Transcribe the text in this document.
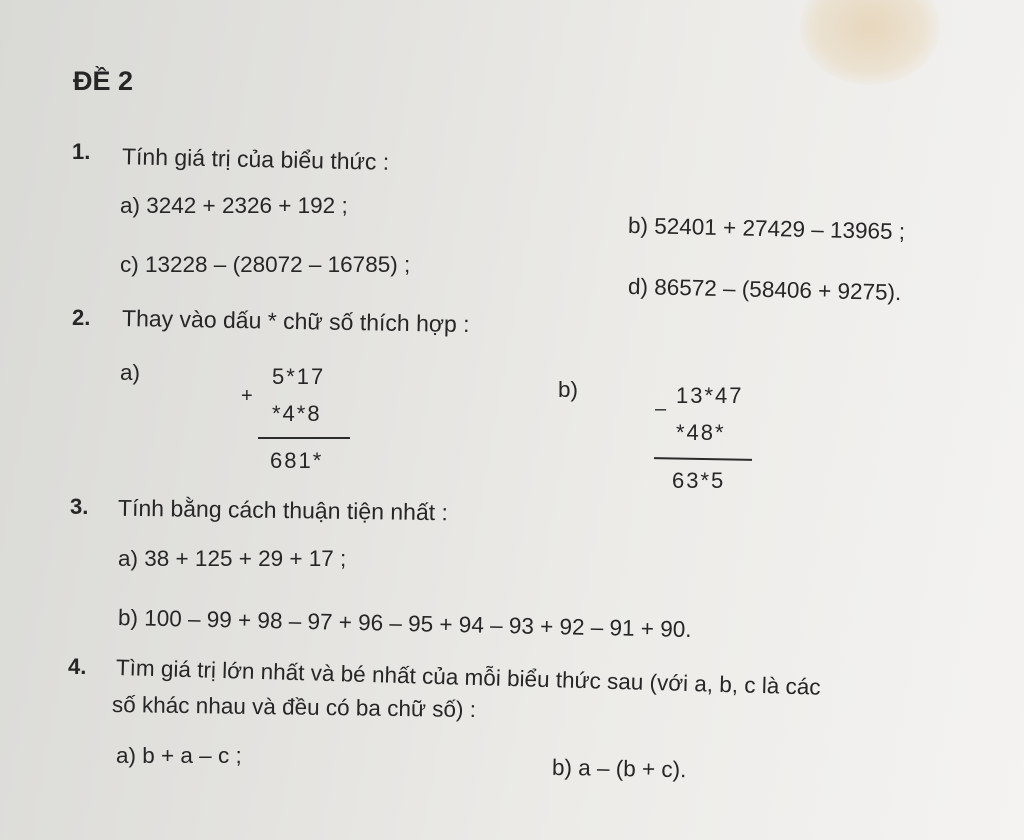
ĐỀ 2
1. Tính giá trị của biểu thức :
a) 3242 + 2326 + 192 ;
b) 52401 + 27429 – 13965 ;
c) 13228 – (28072 – 16785) ;
d) 86572 – (58406 + 9275).
2. Thay vào dấu * chữ số thích hợp :
a)
+
5*17
*4*8
681*
b)
–
13*47
*48*
63*5
3. Tính bằng cách thuận tiện nhất :
a) 38 + 125 + 29 + 17 ;
b) 100 – 99 + 98 – 97 + 96 – 95 + 94 – 93 + 92 – 91 + 90.
4. Tìm giá trị lớn nhất và bé nhất của mỗi biểu thức sau (với a, b, c là các
số khác nhau và đều có ba chữ số) :
a) b + a – c ;	b) a – (b + c).
